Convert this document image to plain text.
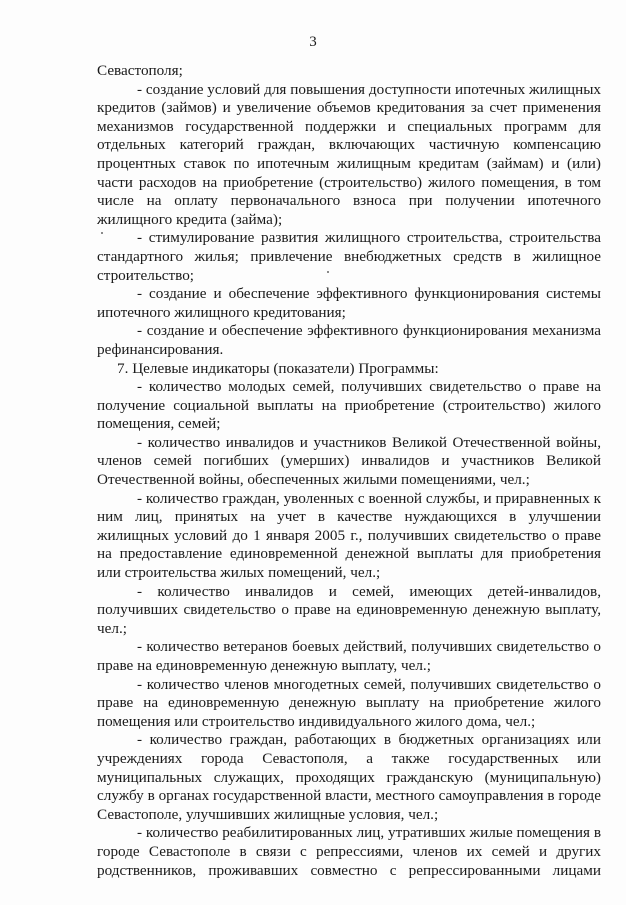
3

Севастополя;

- создание условий для повышения доступности ипотечных жилищных кредитов (займов) и увеличение объемов кредитования за счет применения механизмов государственной поддержки и специальных программ для отдельных категорий граждан, включающих частичную компенсацию процентных ставок по ипотечным жилищным кредитам (займам) и (или) части расходов на приобретение (строительство) жилого помещения, в том числе на оплату первоначального взноса при получении ипотечного жилищного кредита (займа);

- стимулирование развития жилищного строительства, строительства стандартного жилья; привлечение внебюджетных средств в жилищное строительство;

- создание и обеспечение эффективного функционирования системы ипотечного жилищного кредитования;

- создание и обеспечение эффективного функционирования механизма рефинансирования.

7. Целевые индикаторы (показатели) Программы:

- количество молодых семей, получивших свидетельство о праве на получение социальной выплаты на приобретение (строительство) жилого помещения, семей;

- количество инвалидов и участников Великой Отечественной войны, членов семей погибших (умерших) инвалидов и участников Великой Отечественной войны, обеспеченных жилыми помещениями, чел.;

- количество граждан, уволенных с военной службы, и приравненных к ним лиц, принятых на учет в качестве нуждающихся в улучшении жилищных условий до 1 января 2005 г., получивших свидетельство о праве на предоставление единовременной денежной выплаты для приобретения или строительства жилых помещений, чел.;

- количество инвалидов и семей, имеющих детей-инвалидов, получивших свидетельство о праве на единовременную денежную выплату, чел.;

- количество ветеранов боевых действий, получивших свидетельство о праве на единовременную денежную выплату, чел.;

- количество членов многодетных семей, получивших свидетельство о праве на единовременную денежную выплату на приобретение жилого помещения или строительство индивидуального жилого дома, чел.;

- количество граждан, работающих в бюджетных организациях или учреждениях города Севастополя, а также государственных или муниципальных служащих, проходящих гражданскую (муниципальную) службу в органах государственной власти, местного самоуправления в городе Севастополе, улучшивших жилищные условия, чел.;

- количество реабилитированных лиц, утративших жилые помещения в городе Севастополе в связи с репрессиями, членов их семей и других родственников, проживавших совместно с репрессированными лицами
